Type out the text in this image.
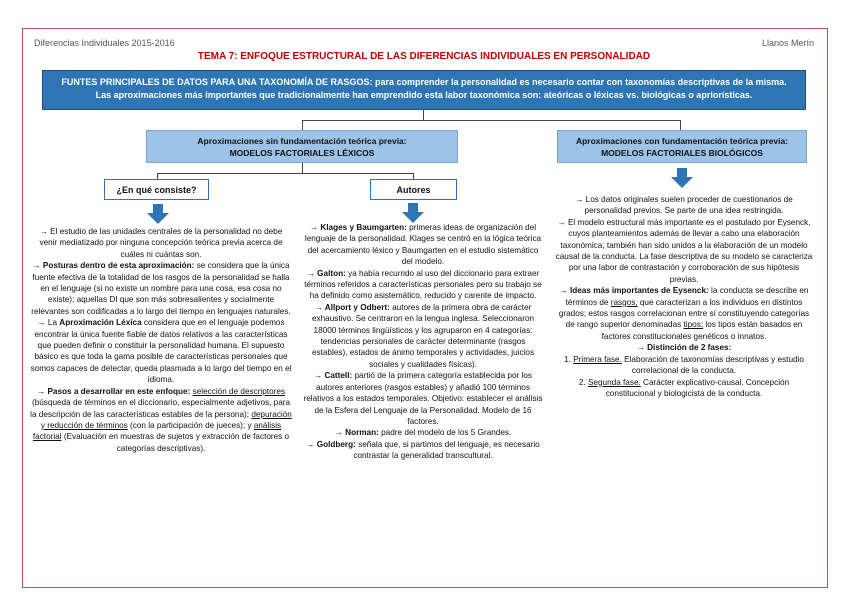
Diferencias Individuales 2015-2016	Llanos Merín
TEMA 7: ENFOQUE ESTRUCTURAL DE LAS DIFERENCIAS INDIVIDUALES EN PERSONALIDAD
FUNTES PRINCIPALES DE DATOS PARA UNA TAXONOMÍA DE RASGOS: para comprender la personalidad es necesario contar con taxonomías descriptivas de la misma. Las aproximaciones más importantes que tradicionalmente han emprendido esta labor taxonómica son: ateóricas o léxicas vs. biológicas o apriorísticas.
Aproximaciones sin fundamentación teórica previa: MODELOS FACTORIALES LÉXICOS
Aproximaciones con fundamentación teórica previa: MODELOS FACTORIALES BIOLÓGICOS
¿En qué consiste?	Autores

→ El estudio de las unidades centrales de la personalidad no debe venir mediatizado por ninguna concepción teórica previa acerca de cuáles ni cuántas son.

→ Posturas dentro de esta aproximación: se considera que la única fuente efectiva de la totalidad de los rasgos de la personalidad se halla en el lenguaje (si no existe un nombre para una cosa, esa cosa no existe); aquellas DI que son más sobresalientes y socialmente relevantes son codificadas a lo largo del tiempo en lenguajes naturales.

→ La Aproximación Léxica considera que en el lenguaje podemos encontrar la única fuente fiable de datos relativos a las características que pueden definir o constituir la personalidad humana. El supuesto básico es que toda la gama posible de características personales que somos capaces de detectar, queda plasmada a lo largo del tiempo en el idioma.

→ Pasos a desarrollar en este enfoque: selección de descriptores (búsqueda de términos en el diccionario, especialmente adjetivos, para la descripción de las características estables de la persona); depuración y reducción de términos (con la participación de jueces); y análisis factorial (Evaluación en muestras de sujetos y extracción de factores o categorías descriptivas).

→ Klages y Baumgarten: primeras ideas de organización del lenguaje de la personalidad. Klages se centró en la lógica teórica del acercamiento léxico y Baumgarten en el estudio sistemático del modelo.

→ Galton: ya había recurrido al uso del diccionario para extraer términos referidos a características personales pero su trabajo se ha definido como asistemático, reducido y carente de impacto.

→ Allport y Odbert: autores de la primera obra de carácter exhaustivo. Se centraron en la lengua inglesa. Seleccionaron 18000 términos lingüísticos y los agruparon en 4 categorías: tendencias personales de carácter determinante (rasgos estables), estados de ánimo temporales y actividades, juicios sociales y cualidades físicas).

→ Cattell: partió de la primera categoría establecida por los autores anteriores (rasgos estables) y añadió 100 términos relativos a los estados temporales. Objetivo: establecer el análisis de la Esfera del Lenguaje de la Personalidad. Modelo de 16 factores.

→ Norman: padre del modelo de los 5 Grandes.

→ Goldberg: señala que, si partimos del lenguaje, es necesario contrastar la generalidad transcultural.

→ Los datos originales suelen proceder de cuestionarios de personalidad previos. Se parte de una idea restringida.

→ El modelo estructural más importante es el postulado por Eysenck, cuyos planteamientos además de llevar a cabo una elaboración taxonómica, también han sido unidos a la elaboración de un modelo causal de la conducta. La fase descriptiva de su modelo se caracteriza por una labor de contrastación y corroboración de sus hipótesis previas.

→ Ideas más importantes de Eysenck: la conducta se describe en términos de rasgos, que caracterizan a los individuos en distintos grados; estos rasgos correlacionan entre sí constituyendo categorías de rango superior denominadas tipos; los tipos están basados en factores constitucionales genéticos o innatos.

→ Distinción de 2 fases:

1. Primera fase. Elaboración de taxonomías descriptivas y estudio correlacional de la conducta.

2. Segunda fase. Carácter explicativo-causal. Concepción constitucional y biologicista de la conducta.
